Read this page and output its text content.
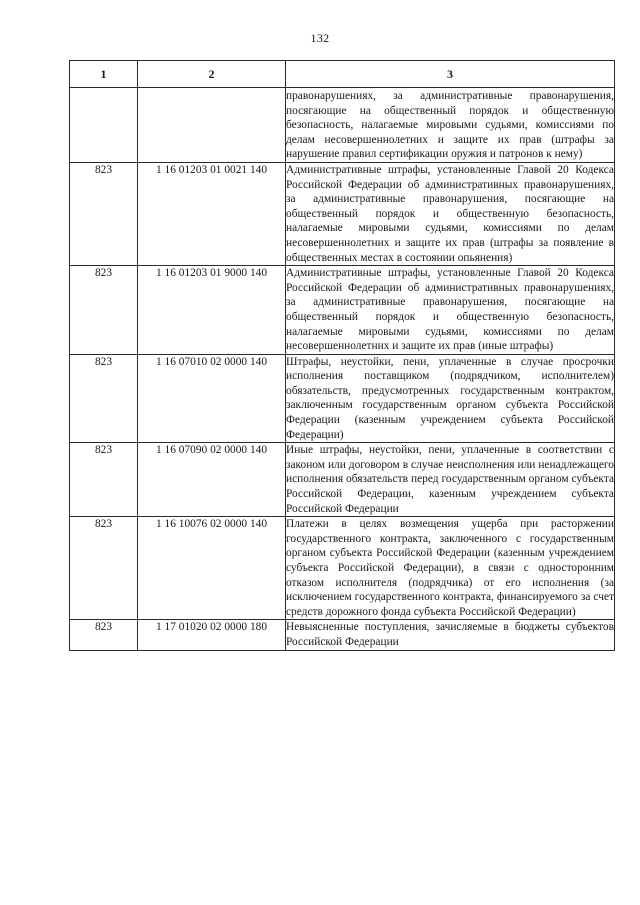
132
1	2	3
		правонарушениях, за административные правонарушения, посягающие на общественный порядок и общественную безопасность, налагаемые мировыми судьями, комиссиями по делам несовершеннолетних и защите их прав (штрафы за нарушение правил сертификации оружия и патронов к нему)
823	1 16 01203 01 0021 140	Административные штрафы, установленные Главой 20 Кодекса Российской Федерации об административных правонарушениях, за административные правонарушения, посягающие на общественный порядок и общественную безопасность, налагаемые мировыми судьями, комиссиями по делам несовершеннолетних и защите их прав (штрафы за появление в общественных местах в состоянии опьянения)
823	1 16 01203 01 9000 140	Административные штрафы, установленные Главой 20 Кодекса Российской Федерации об административных правонарушениях, за административные правонарушения, посягающие на общественный порядок и общественную безопасность, налагаемые мировыми судьями, комиссиями по делам несовершеннолетних и защите их прав (иные штрафы)
823	1 16 07010 02 0000 140	Штрафы, неустойки, пени, уплаченные в случае просрочки исполнения поставщиком (подрядчиком, исполнителем) обязательств, предусмотренных государственным контрактом, заключенным государственным органом субъекта Российской Федерации (казенным учреждением субъекта Российской Федерации)
823	1 16 07090 02 0000 140	Иные штрафы, неустойки, пени, уплаченные в соответствии с законом или договором в случае неисполнения или ненадлежащего исполнения обязательств перед государственным органом субъекта Российской Федерации, казенным учреждением субъекта Российской Федерации
823	1 16 10076 02 0000 140	Платежи в целях возмещения ущерба при расторжении государственного контракта, заключенного с государственным органом субъекта Российской Федерации (казенным учреждением субъекта Российской Федерации), в связи с односторонним отказом исполнителя (подрядчика) от его исполнения (за исключением государственного контракта, финансируемого за счет средств дорожного фонда субъекта Российской Федерации)
823	1 17 01020 02 0000 180	Невыясненные поступления, зачисляемые в бюджеты субъектов Российской Федерации
